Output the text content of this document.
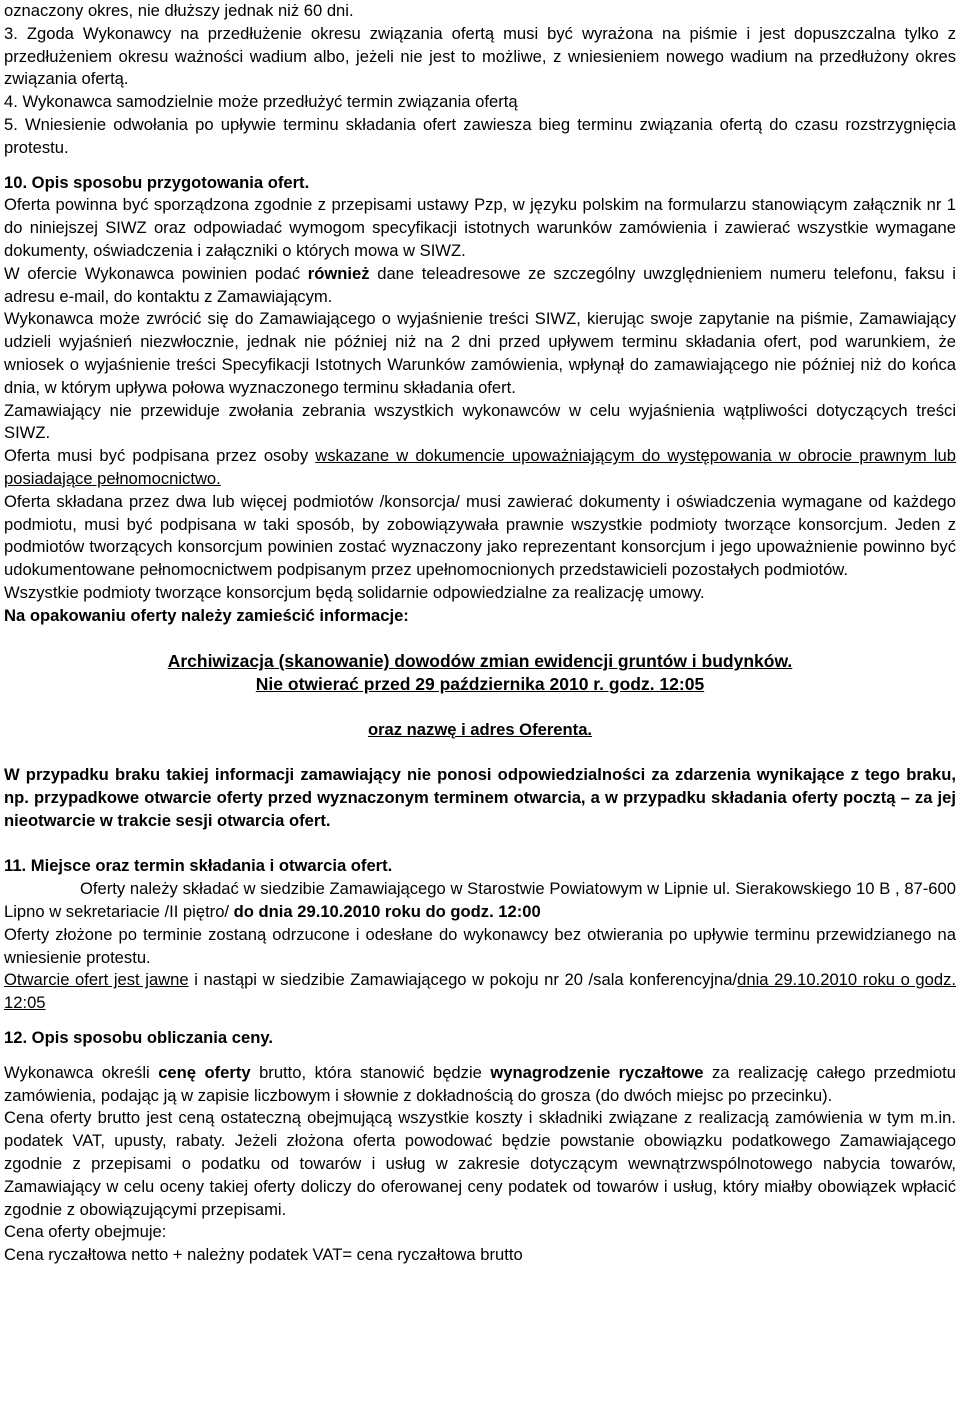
oznaczony okres, nie dłuższy jednak niż 60 dni.

3. Zgoda Wykonawcy na przedłużenie okresu związania ofertą musi być wyrażona na piśmie i jest dopuszczalna tylko z przedłużeniem okresu ważności wadium albo, jeżeli nie jest to możliwe, z wniesieniem nowego wadium na przedłużony okres związania ofertą.

4. Wykonawca samodzielnie może przedłużyć termin związania ofertą

5. Wniesienie odwołania po upływie terminu składania ofert zawiesza bieg terminu związania ofertą do czasu rozstrzygnięcia protestu.

10. Opis sposobu przygotowania ofert.

Oferta powinna być sporządzona zgodnie z przepisami ustawy Pzp, w języku polskim na formularzu stanowiącym załącznik nr 1 do niniejszej SIWZ oraz odpowiadać wymogom specyfikacji istotnych warunków zamówienia i zawierać wszystkie wymagane dokumenty, oświadczenia i załączniki o których mowa w SIWZ.

W ofercie Wykonawca powinien podać również dane teleadresowe ze szczególny uwzględnieniem numeru telefonu, faksu i adresu e-mail, do kontaktu z Zamawiającym.

Wykonawca może zwrócić się do Zamawiającego o wyjaśnienie treści SIWZ, kierując swoje zapytanie na piśmie, Zamawiający udzieli wyjaśnień niezwłocznie, jednak nie później niż na 2 dni przed upływem terminu składania ofert, pod warunkiem, że wniosek o wyjaśnienie treści Specyfikacji Istotnych Warunków zamówienia, wpłynął do zamawiającego nie później niż do końca dnia, w którym upływa połowa wyznaczonego terminu składania ofert.

Zamawiający nie przewiduje zwołania zebrania wszystkich wykonawców w celu wyjaśnienia wątpliwości dotyczących treści SIWZ.

Oferta musi być podpisana przez osoby wskazane w dokumencie upoważniającym do występowania w obrocie prawnym lub posiadające pełnomocnictwo.

Oferta składana przez dwa lub więcej podmiotów /konsorcja/ musi zawierać dokumenty i oświadczenia wymagane od każdego podmiotu, musi być podpisana w taki sposób, by zobowiązywała prawnie wszystkie podmioty tworzące konsorcjum. Jeden z podmiotów tworzących konsorcjum powinien zostać wyznaczony jako reprezentant konsorcjum i jego upoważnienie powinno być udokumentowane pełnomocnictwem podpisanym przez upełnomocnionych przedstawicieli pozostałych podmiotów.

Wszystkie podmioty tworzące konsorcjum będą solidarnie odpowiedzialne za realizację umowy.

Na opakowaniu oferty należy zamieścić informacje:

Archiwizacja (skanowanie) dowodów zmian ewidencji gruntów i budynków.

Nie otwierać przed 29 października 2010 r. godz. 12:05

oraz nazwę i adres Oferenta.

W przypadku braku takiej informacji zamawiający nie ponosi odpowiedzialności za zdarzenia wynikające z tego braku, np. przypadkowe otwarcie oferty przed wyznaczonym terminem otwarcia, a w przypadku składania oferty pocztą – za jej nieotwarcie w trakcie sesji otwarcia ofert.

11. Miejsce oraz termin składania i otwarcia ofert.

Oferty należy składać w siedzibie Zamawiającego w Starostwie Powiatowym w Lipnie ul. Sierakowskiego 10 B , 87-600 Lipno w sekretariacie /II piętro/ do dnia 29.10.2010 roku do godz. 12:00

Oferty złożone po terminie zostaną odrzucone i odesłane do wykonawcy bez otwierania po upływie terminu przewidzianego na wniesienie protestu.

Otwarcie ofert jest jawne i nastąpi w siedzibie Zamawiającego w pokoju nr 20 /sala konferencyjna/dnia 29.10.2010 roku o godz. 12:05

12. Opis sposobu obliczania ceny.

Wykonawca określi cenę oferty brutto, która stanowić będzie wynagrodzenie ryczałtowe za realizację całego przedmiotu zamówienia, podając ją w zapisie liczbowym i słownie z dokładnością do grosza (do dwóch miejsc po przecinku).

Cena oferty brutto jest ceną ostateczną obejmującą wszystkie koszty i składniki związane z realizacją zamówienia w tym m.in. podatek VAT, upusty, rabaty. Jeżeli złożona oferta powodować będzie powstanie obowiązku podatkowego Zamawiającego zgodnie z przepisami o podatku od towarów i usług w zakresie dotyczącym wewnątrzwspólnotowego nabycia towarów, Zamawiający w celu oceny takiej oferty doliczy do oferowanej ceny podatek od towarów i usług, który miałby obowiązek wpłacić zgodnie z obowiązującymi przepisami.

Cena oferty obejmuje:

Cena ryczałtowa netto + należny podatek VAT= cena ryczałtowa brutto
